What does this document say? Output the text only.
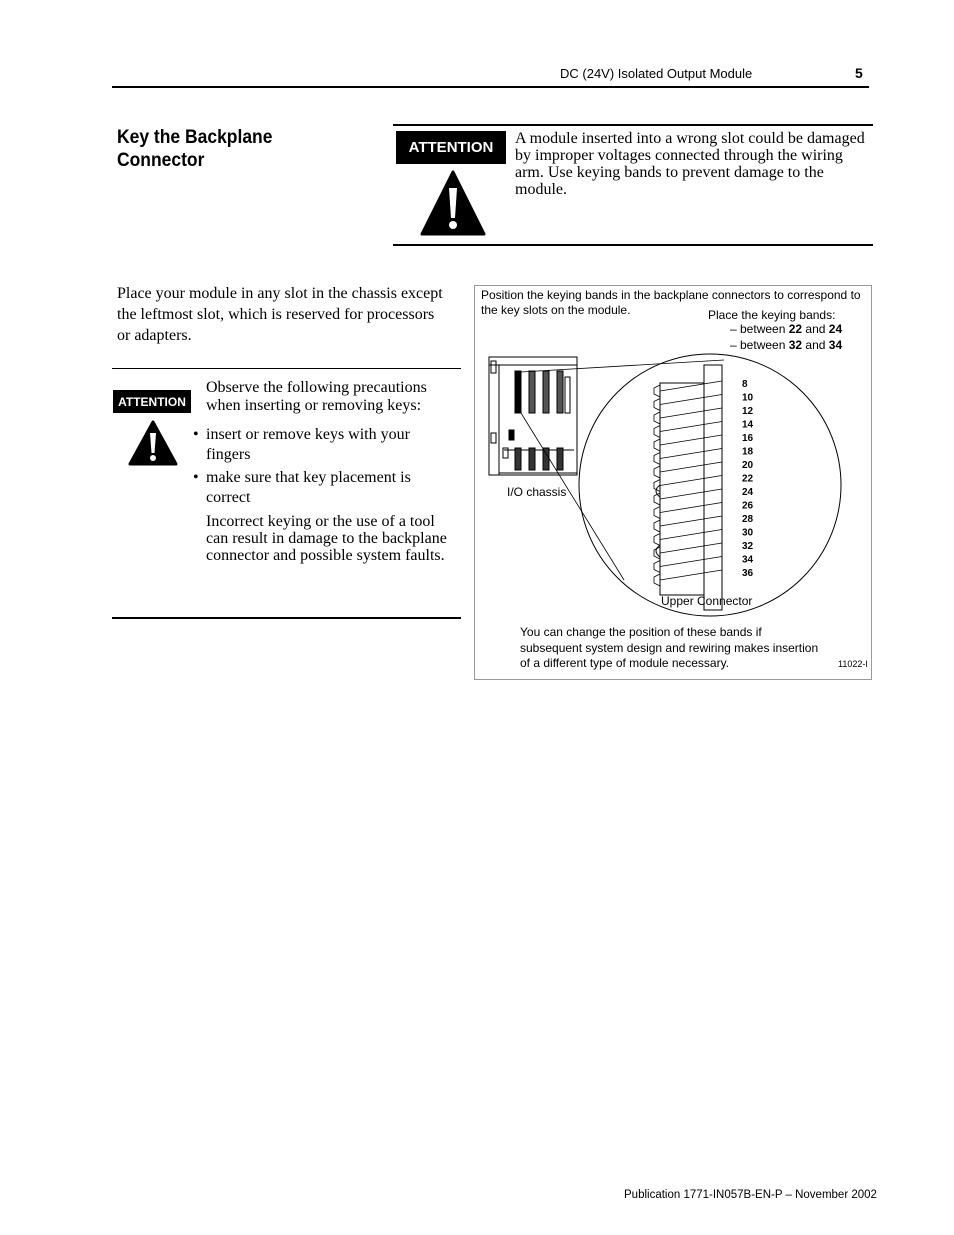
DC (24V) Isolated Output Module	5
Key the Backplane Connector
ATTENTION
A module inserted into a wrong slot could be damaged by improper voltages connected through the wiring arm. Use keying bands to prevent damage to the module.
Place your module in any slot in the chassis except the leftmost slot, which is reserved for processors or adapters.
ATTENTION
Observe the following precautions when inserting or removing keys:
• insert or remove keys with your fingers
• make sure that key placement is correct
Incorrect keying or the use of a tool can result in damage to the backplane connector and possible system faults.
Position the keying bands in the backplane connectors to correspond to the key slots on the module.	Place the keying bands:
– between 22 and 24
– between 32 and 34
8
10
12
14
16
18
20
22
24
26
28
30
32
34
36
I/O chassis
Upper Connector
You can change the position of these bands if subsequent system design and rewiring makes insertion of a different type of module necessary.	11022-I
Publication 1771-IN057B-EN-P – November 2002
